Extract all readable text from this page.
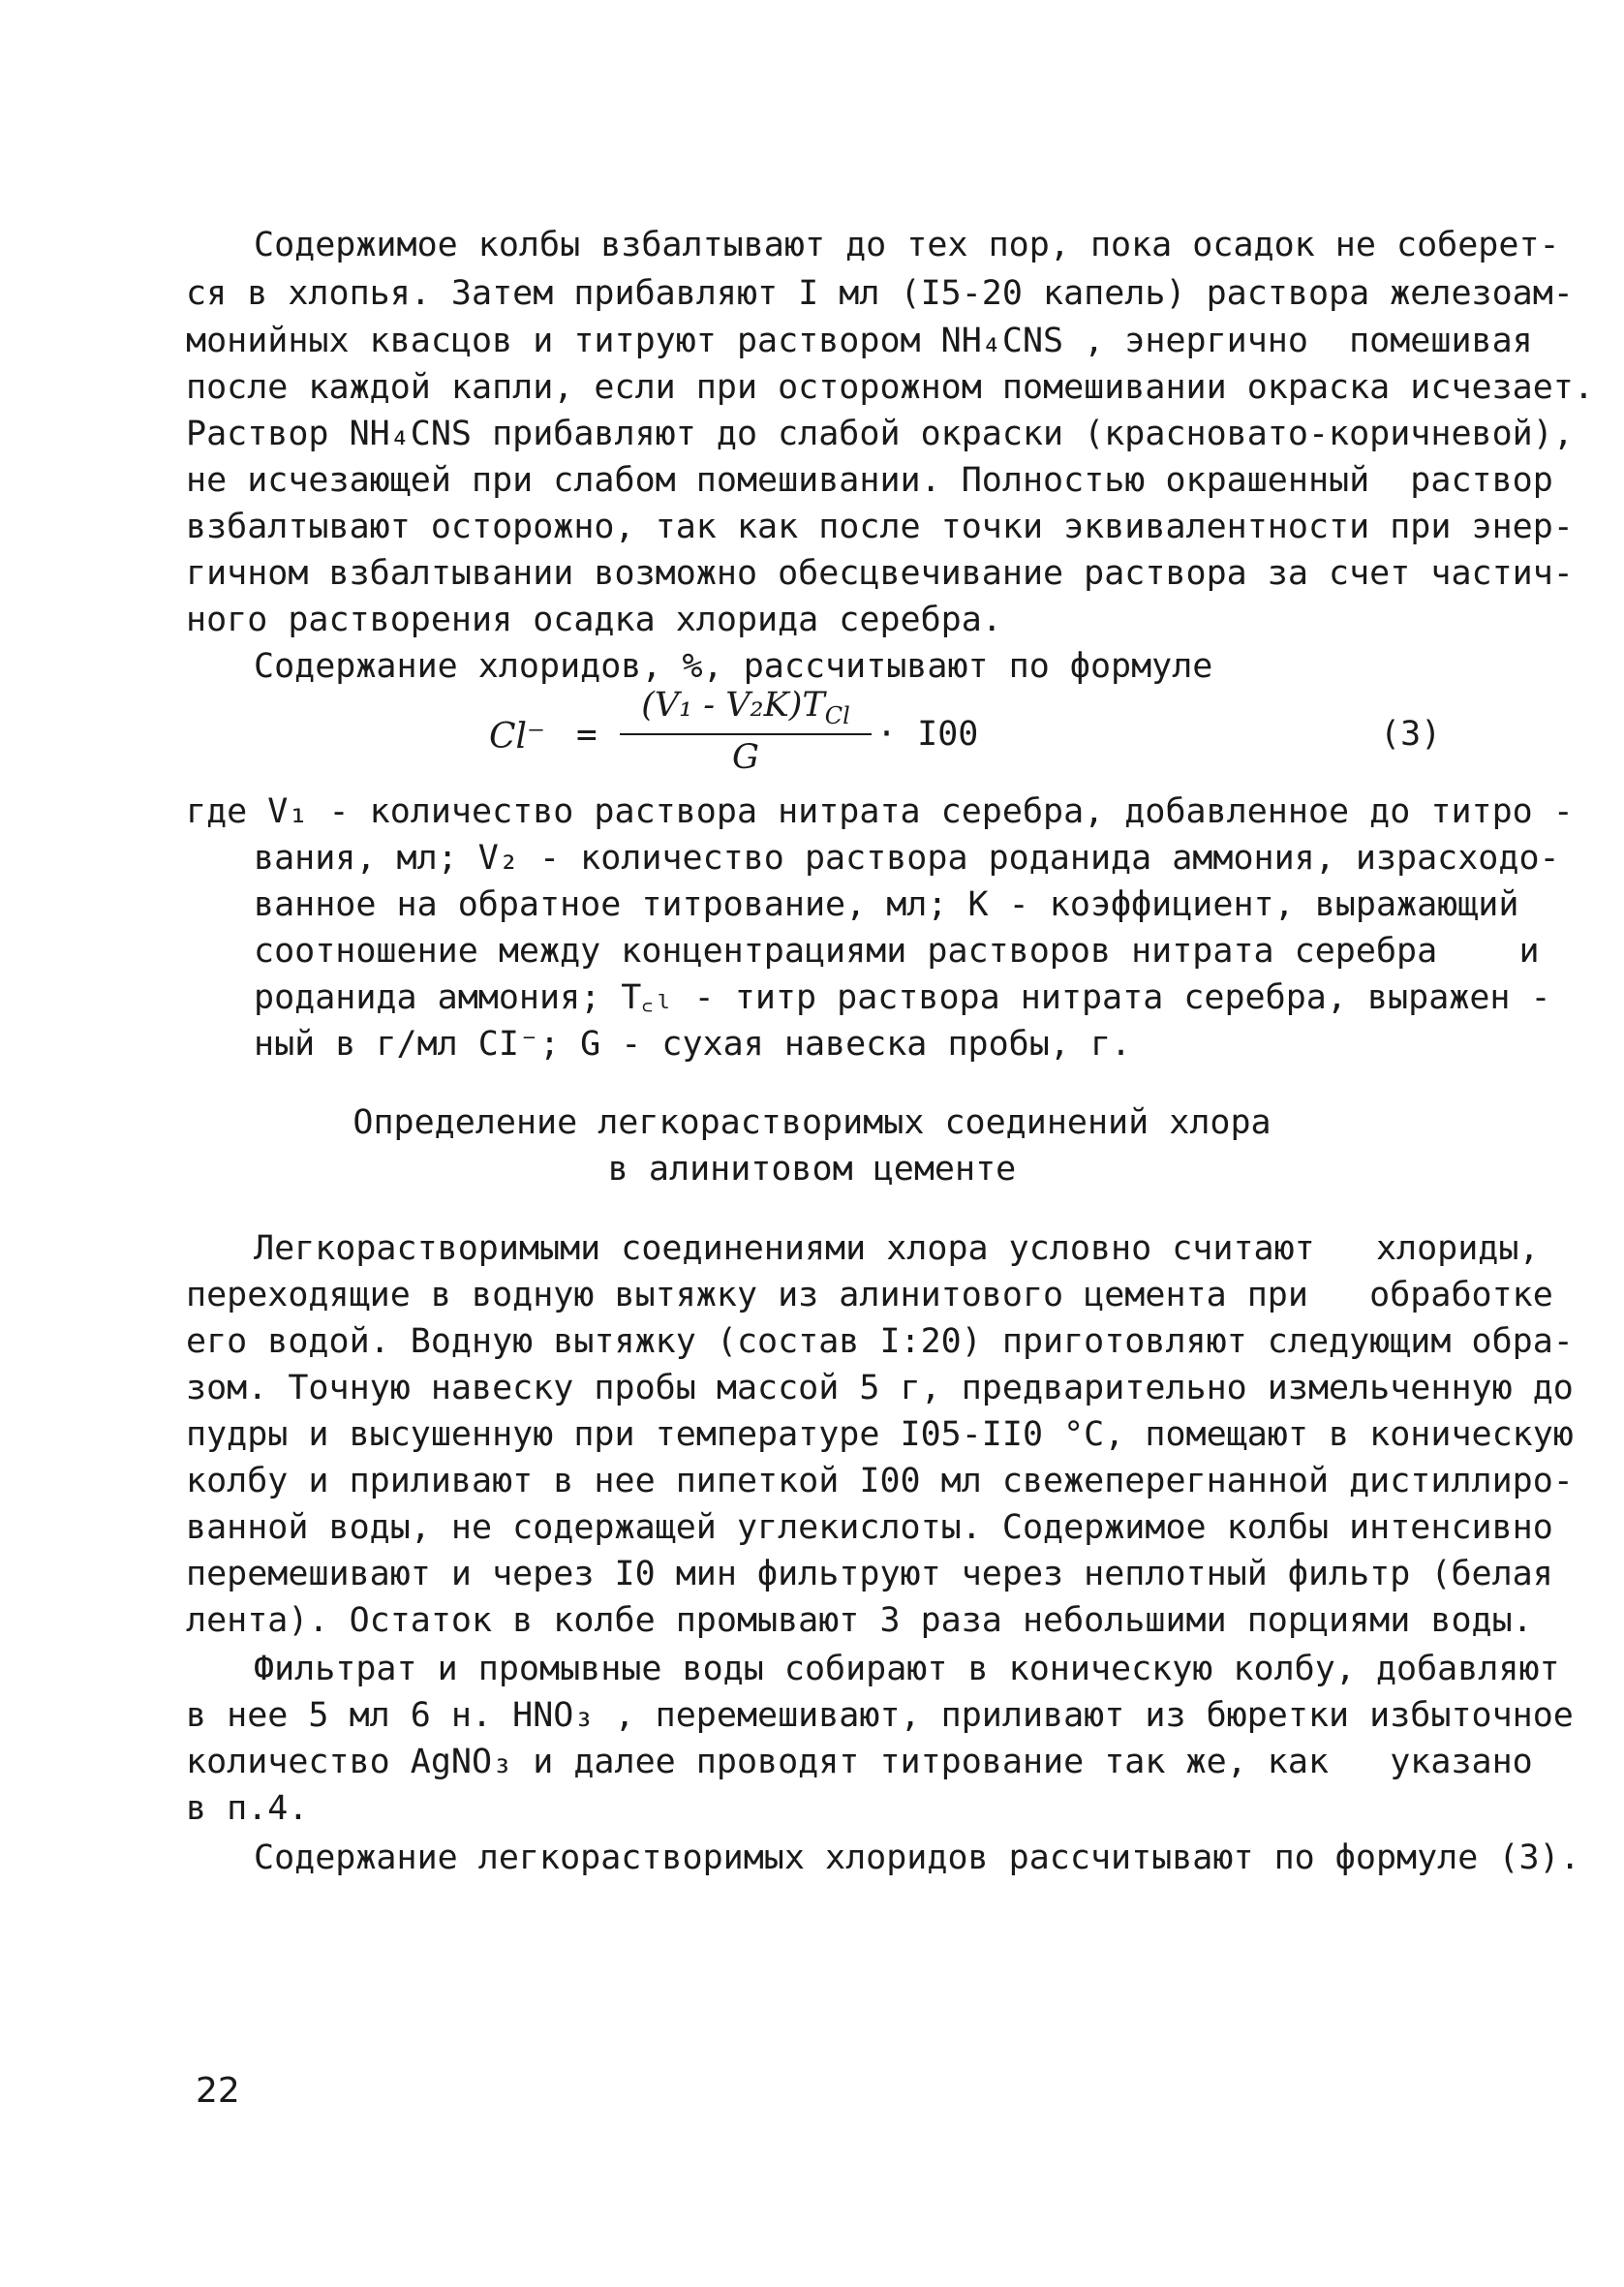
Содержимое колбы взбалтывают до тех пор, пока осадок не соберет-
ся в хлопья. Затем прибавляют I мл (I5-20 капель) раствора железоам-
монийных квасцов и титруют раствором NH₄CNS , энергично  помешивая
после каждой капли, если при осторожном помешивании окраска исчезает.
Раствор NH₄CNS прибавляют до слабой окраски (красновато-коричневой),
не исчезающей при слабом помешивании. Полностью окрашенный  раствор
взбалтывают осторожно, так как после точки эквивалентности при энер-
гичном взбалтывании возможно обесцвечивание раствора за счет частич-
ного растворения осадка хлорида серебра.
Содержание хлоридов, %, рассчитывают по формуле
Cl⁻ =
$(V_1 - V_2K)T_{Cl}$
G
· I00	(3)
где V₁ - количество раствора нитрата серебра, добавленное до титро -
вания, мл; V₂ - количество раствора роданида аммония, израсходо-
ванное на обратное титрование, мл; К - коэффициент, выражающий
соотношение между концентрациями растворов нитрата серебра    и
роданида аммония; T꜀ₗ - титр раствора нитрата серебра, выражен -
ный в г/мл CI⁻; G - сухая навеска пробы, г.
Определение легкорастворимых соединений хлора
в алинитовом цементе
Легкорастворимыми соединениями хлора условно считают   хлориды,
переходящие в водную вытяжку из алинитового цемента при   обработке
его водой. Водную вытяжку (состав I:20) приготовляют следующим обра-
зом. Точную навеску пробы массой 5 г, предварительно измельченную до
пудры и высушенную при температуре I05-II0 °C, помещают в коническую
колбу и приливают в нее пипеткой I00 мл свежеперегнанной дистиллиро-
ванной воды, не содержащей углекислоты. Содержимое колбы интенсивно
перемешивают и через I0 мин фильтруют через неплотный фильтр (белая
лента). Остаток в колбе промывают 3 раза небольшими порциями воды.
Фильтрат и промывные воды собирают в коническую колбу, добавляют
в нее 5 мл 6 н. HNO₃ , перемешивают, приливают из бюретки избыточное
количество AgNO₃ и далее проводят титрование так же, как   указано
в п.4.
Содержание легкорастворимых хлоридов рассчитывают по формуле (3).
22
